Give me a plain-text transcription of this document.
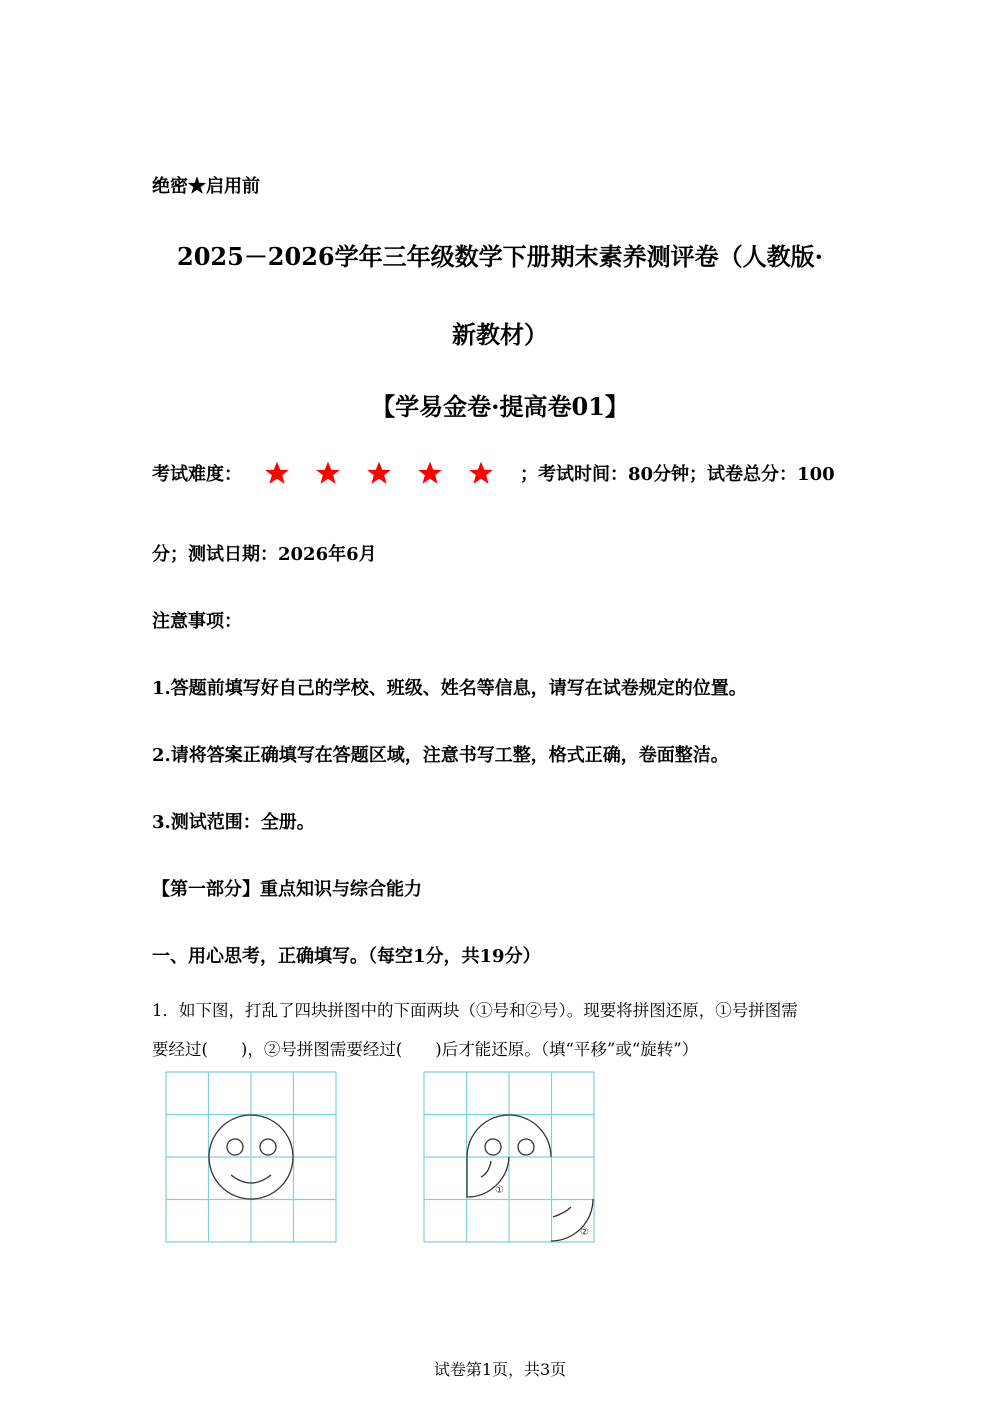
绝密★启用前
2025－2026学年三年级数学下册期末素养测评卷（人教版·
新教材）
【学易金卷·提高卷01】
考试难度：	；考试时间：80分钟；试卷总分：100
分；测试日期：2026年6月
注意事项：
1.答题前填写好自己的学校、班级、姓名等信息，请写在试卷规定的位置。
2.请将答案正确填写在答题区域，注意书写工整，格式正确，卷面整洁。
3.测试范围：全册。
【第一部分】重点知识与综合能力
一、用心思考，正确填写。（每空1分，共19分）
1．如下图，打乱了四块拼图中的下面两块（①号和②号）。现要将拼图还原，①号拼图需
要经过(　　)，②号拼图需要经过(　　)后才能还原。（填“平移”或“旋转”）
①
②
试卷第1页，共3页
